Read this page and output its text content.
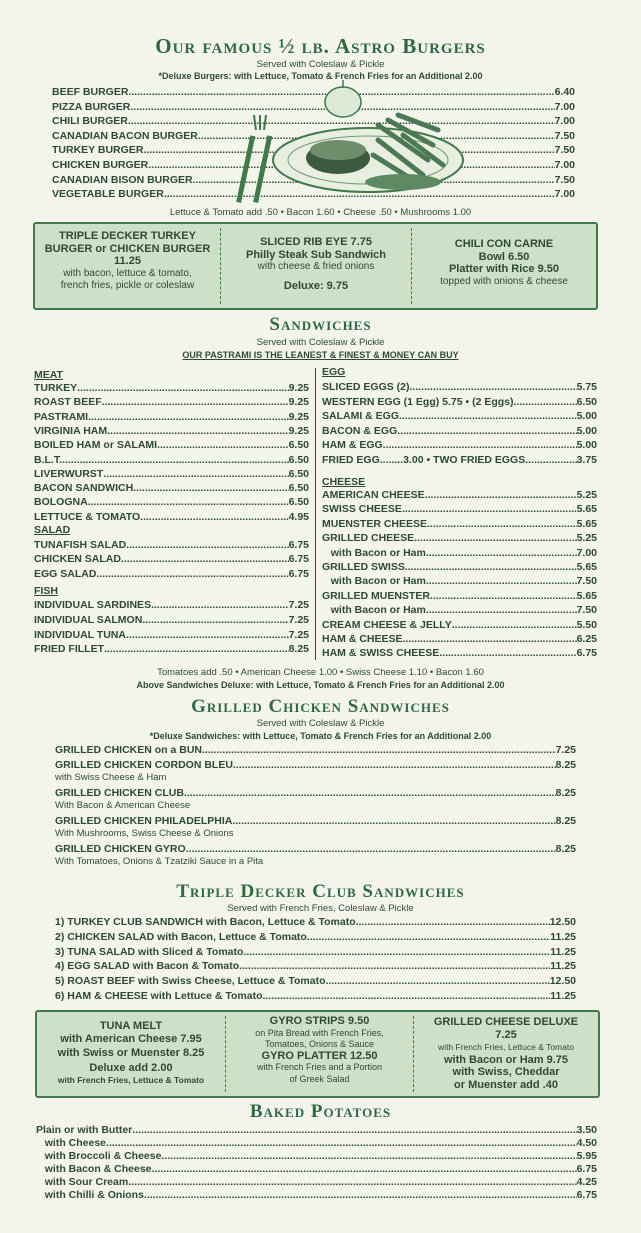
Our famous ½ lb. Astro Burgers
Served with Coleslaw & Pickle
*Deluxe Burgers: with Lettuce, Tomato & French Fries for an Additional 2.00
BEEF BURGER .....	6.40
PIZZA BURGER .....	7.00
CHILI BURGER .....	7.00
CANADIAN BACON BURGER .....	7.50
TURKEY BURGER .....	7.50
CHICKEN BURGER .....	7.00
CANADIAN BISON BURGER .....	7.50
VEGETABLE BURGER .....	7.00
Lettuce & Tomato add .50 • Bacon 1.60 • Cheese .50 • Mushrooms 1.00
TRIPLE DECKER TURKEY
BURGER or CHICKEN BURGER
11.25
with bacon, lettuce & tomato,
french fries, pickle or coleslaw
SLICED RIB EYE 7.75
Philly Steak Sub Sandwich
with cheese & fried onions
Deluxe: 9.75
CHILI CON CARNE
Bowl 6.50
Platter with Rice 9.50
topped with onions & cheese
Sandwiches
Served with Coleslaw & Pickle
OUR PASTRAMI IS THE LEANEST & FINEST & MONEY CAN BUY
MEAT
TURKEY .....	9.25
ROAST BEEF .....	9.25
PASTRAMI .....	9.25
VIRGINIA HAM .....	9.25
BOILED HAM or SALAMI .....	6.50
B.L.T. .....	6.50
LIVERWURST .....	6.50
BACON SANDWICH .....	6.50
BOLOGNA .....	6.50
LETTUCE & TOMATO .....	4.95
SALAD
TUNAFISH SALAD .....	6.75
CHICKEN SALAD .....	6.75
EGG SALAD .....	6.75
FISH
INDIVIDUAL SARDINES .....	7.25
INDIVIDUAL SALMON .....	7.25
INDIVIDUAL TUNA .....	7.25
FRIED FILLET .....	8.25
EGG
SLICED EGGS (2) .....	5.75
WESTERN EGG (1 Egg) 5.75 • (2 Eggs) .....	6.50
SALAMI & EGG .....	5.00
BACON & EGG .....	5.00
HAM & EGG .....	5.00
FRIED EGG........3.00 • TWO FRIED EGGS .....	3.75
CHEESE
AMERICAN CHEESE .....	5.25
SWISS CHEESE .....	5.65
MUENSTER CHEESE .....	5.65
GRILLED CHEESE .....	5.25
with Bacon or Ham .....	7.00
GRILLED SWISS .....	5.65
with Bacon or Ham .....	7.50
GRILLED MUENSTER .....	5.65
with Bacon or Ham .....	7.50
CREAM CHEESE & JELLY .....	5.50
HAM & CHEESE .....	6.25
HAM & SWISS CHEESE .....	6.75
Tomatoes add .50 • American Cheese 1.00 • Swiss Cheese 1.10 • Bacon 1.60
Above Sandwiches Deluxe: with Lettuce, Tomato & French Fries for an Additional 2.00
Grilled Chicken Sandwiches
Served with Coleslaw & Pickle
*Deluxe Sandwiches: with Lettuce, Tomato & French Fries for an Additional 2.00
GRILLED CHICKEN on a BUN .....	7.25
GRILLED CHICKEN CORDON BLEU .....	8.25
with Swiss Cheese & Ham
GRILLED CHICKEN CLUB .....	8.25
With Bacon & American Cheese
GRILLED CHICKEN PHILADELPHIA .....	8.25
With Mushrooms, Swiss Cheese & Onions
GRILLED CHICKEN GYRO .....	8.25
With Tomatoes, Onions & Tzatziki Sauce in a Pita
Triple Decker Club Sandwiches
Served with French Fries, Coleslaw & Pickle
1) TURKEY CLUB SANDWICH with Bacon, Lettuce & Tomato .....	12.50
2) CHICKEN SALAD with Bacon, Lettuce & Tomato .....	11.25
3) TUNA SALAD with Sliced & Tomato .....	11.25
4) EGG SALAD with Bacon & Tomato .....	11.25
5) ROAST BEEF with Swiss Cheese, Lettuce & Tomato .....	12.50
6) HAM & CHEESE with Lettuce & Tomato .....	11.25
TUNA MELT
with American Cheese 7.95
with Swiss or Muenster 8.25
Deluxe add 2.00
with French Fries, Lettuce & Tomato
GYRO STRIPS 9.50
on Pita Bread with French Fries,
Tomatoes, Onions & Sauce
GYRO PLATTER 12.50
with French Fries and a Portion
of Greek Salad
GRILLED CHEESE DELUXE
7.25
with French Fries, Lettuce & Tomato
with Bacon or Ham 9.75
with Swiss, Cheddar
or Muenster add .40
Baked Potatoes
Plain or with Butter .....	3.50
with Cheese .....	4.50
with Broccoli & Cheese .....	5.95
with Bacon & Cheese .....	6.75
with Sour Cream .....	4.25
with Chilli & Onions .....	6.75
